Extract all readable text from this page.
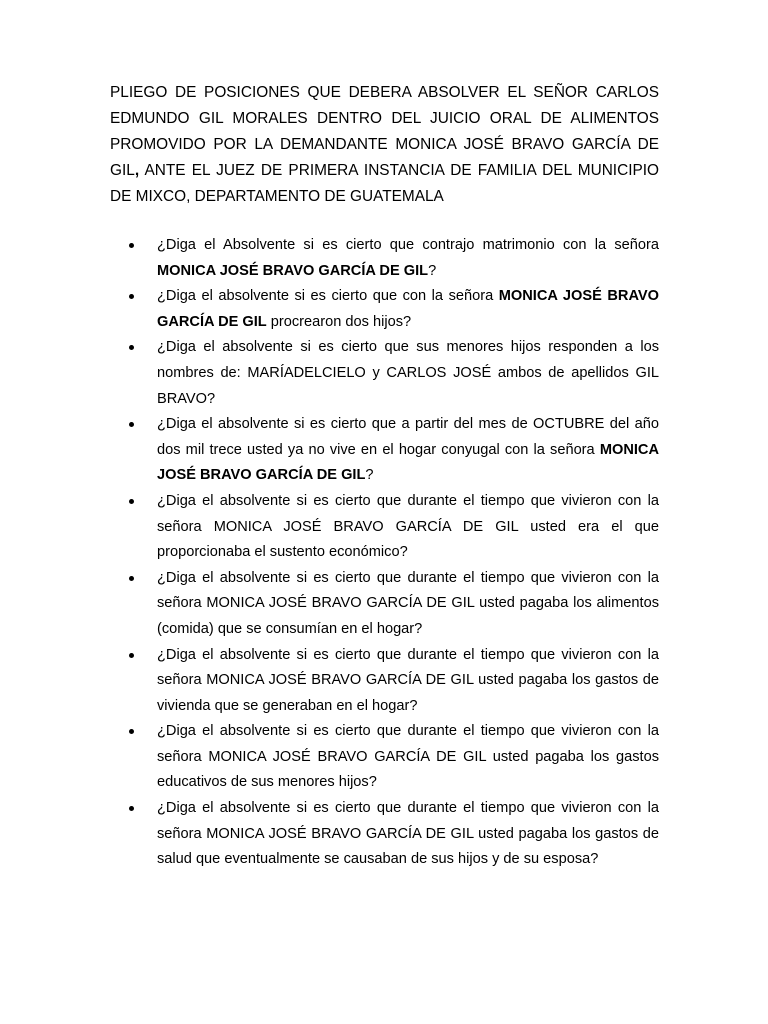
PLIEGO DE POSICIONES QUE DEBERA ABSOLVER EL SEÑOR CARLOS EDMUNDO GIL MORALES DENTRO DEL JUICIO ORAL DE ALIMENTOS PROMOVIDO POR LA DEMANDANTE MONICA JOSÉ BRAVO GARCÍA DE GIL, ANTE EL JUEZ DE PRIMERA INSTANCIA DE FAMILIA DEL MUNICIPIO DE MIXCO, DEPARTAMENTO DE GUATEMALA

¿Diga el Absolvente si es cierto que contrajo matrimonio con la señora MONICA JOSÉ BRAVO GARCÍA DE GIL?
¿Diga el absolvente si es cierto que con la señora MONICA JOSÉ BRAVO GARCÍA DE GIL procrearon dos hijos?
¿Diga el absolvente si es cierto que sus menores hijos responden a los nombres de: MARÍADELCIELO y CARLOS JOSÉ ambos de apellidos GIL BRAVO?
¿Diga el absolvente si es cierto que a partir del mes de OCTUBRE del año dos mil trece usted ya no vive en el hogar conyugal con la señora MONICA JOSÉ BRAVO GARCÍA DE GIL?
¿Diga el absolvente si es cierto que durante el tiempo que vivieron con la señora MONICA JOSÉ BRAVO GARCÍA DE GIL usted era el que proporcionaba el sustento económico?
¿Diga el absolvente si es cierto que durante el tiempo que vivieron con la señora MONICA JOSÉ BRAVO GARCÍA DE GIL usted pagaba los alimentos (comida) que se consumían en el hogar?
¿Diga el absolvente si es cierto que durante el tiempo que vivieron con la señora MONICA JOSÉ BRAVO GARCÍA DE GIL usted pagaba los gastos de vivienda que se generaban en el hogar?
¿Diga el absolvente si es cierto que durante el tiempo que vivieron con la señora MONICA JOSÉ BRAVO GARCÍA DE GIL usted pagaba los gastos educativos de sus menores hijos?
¿Diga el absolvente si es cierto que durante el tiempo que vivieron con la señora MONICA JOSÉ BRAVO GARCÍA DE GIL usted pagaba los gastos de salud que eventualmente se causaban de sus hijos y de su esposa?
